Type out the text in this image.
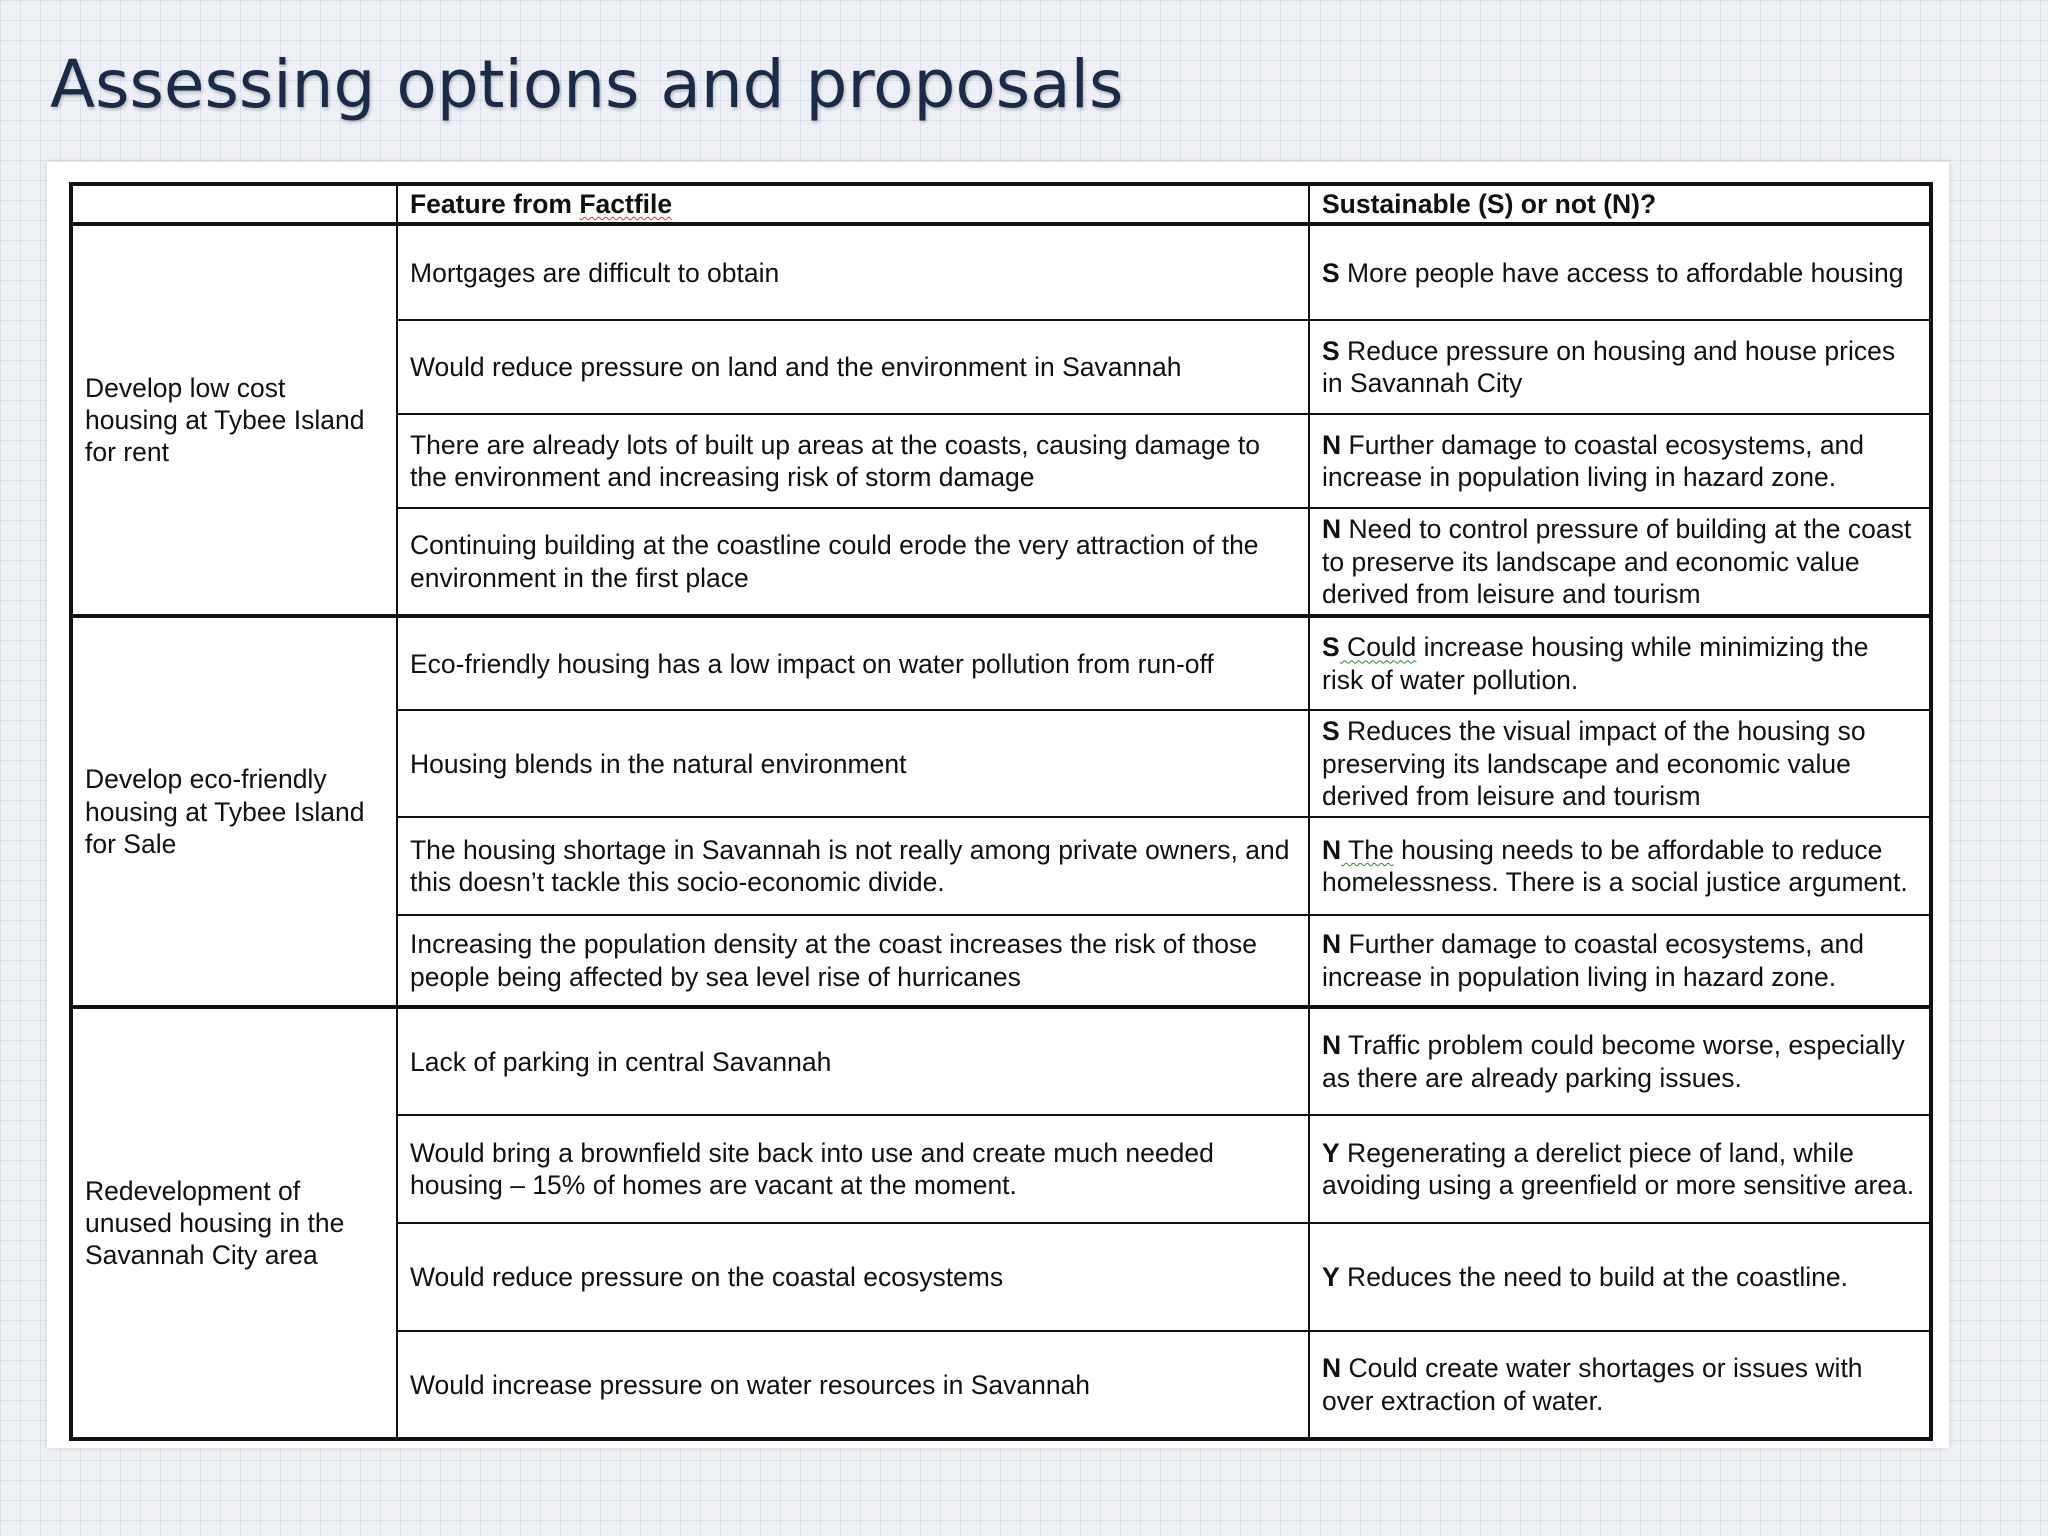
Assessing options and proposals
	Feature from Factfile	Sustainable (S) or not (N)?
Develop low cost housing at Tybee Island for rent	Mortgages are difficult to obtain	S More people have access to affordable housing
	Would reduce pressure on land and the environment in Savannah	S Reduce pressure on housing and house prices in Savannah City
	There are already lots of built up areas at the coasts, causing damage to the environment and increasing risk of storm damage	N Further damage to coastal ecosystems, and increase in population living in hazard zone.
	Continuing building at the coastline could erode the very attraction of the environment in the first place	N Need to control pressure of building at the coast to preserve its landscape and economic value derived from leisure and tourism
Develop eco-friendly housing at Tybee Island for Sale	Eco-friendly housing has a low impact on water pollution from run-off	S Could increase housing while minimizing the risk of water pollution.
	Housing blends in the natural environment	S Reduces the visual impact of the housing so preserving its landscape and economic value derived from leisure and tourism
	The housing shortage in Savannah is not really among private owners, and this doesn’t tackle this socio-economic divide.	N The housing needs to be affordable to reduce homelessness. There is a social justice argument.
	Increasing the population density at the coast increases the risk of those people being affected by sea level rise of hurricanes	N Further damage to coastal ecosystems, and increase in population living in hazard zone.
Redevelopment of unused housing in the Savannah City area	Lack of parking in central Savannah	N Traffic problem could become worse, especially as there are already parking issues.
	Would bring a brownfield site back into use and create much needed housing – 15% of homes are vacant at the moment.	Y Regenerating a derelict piece of land, while avoiding using a greenfield or more sensitive area.
	Would reduce pressure on the coastal ecosystems	Y Reduces the need to build at the coastline.
	Would increase pressure on water resources in Savannah	N Could create water shortages or issues with over extraction of water.
